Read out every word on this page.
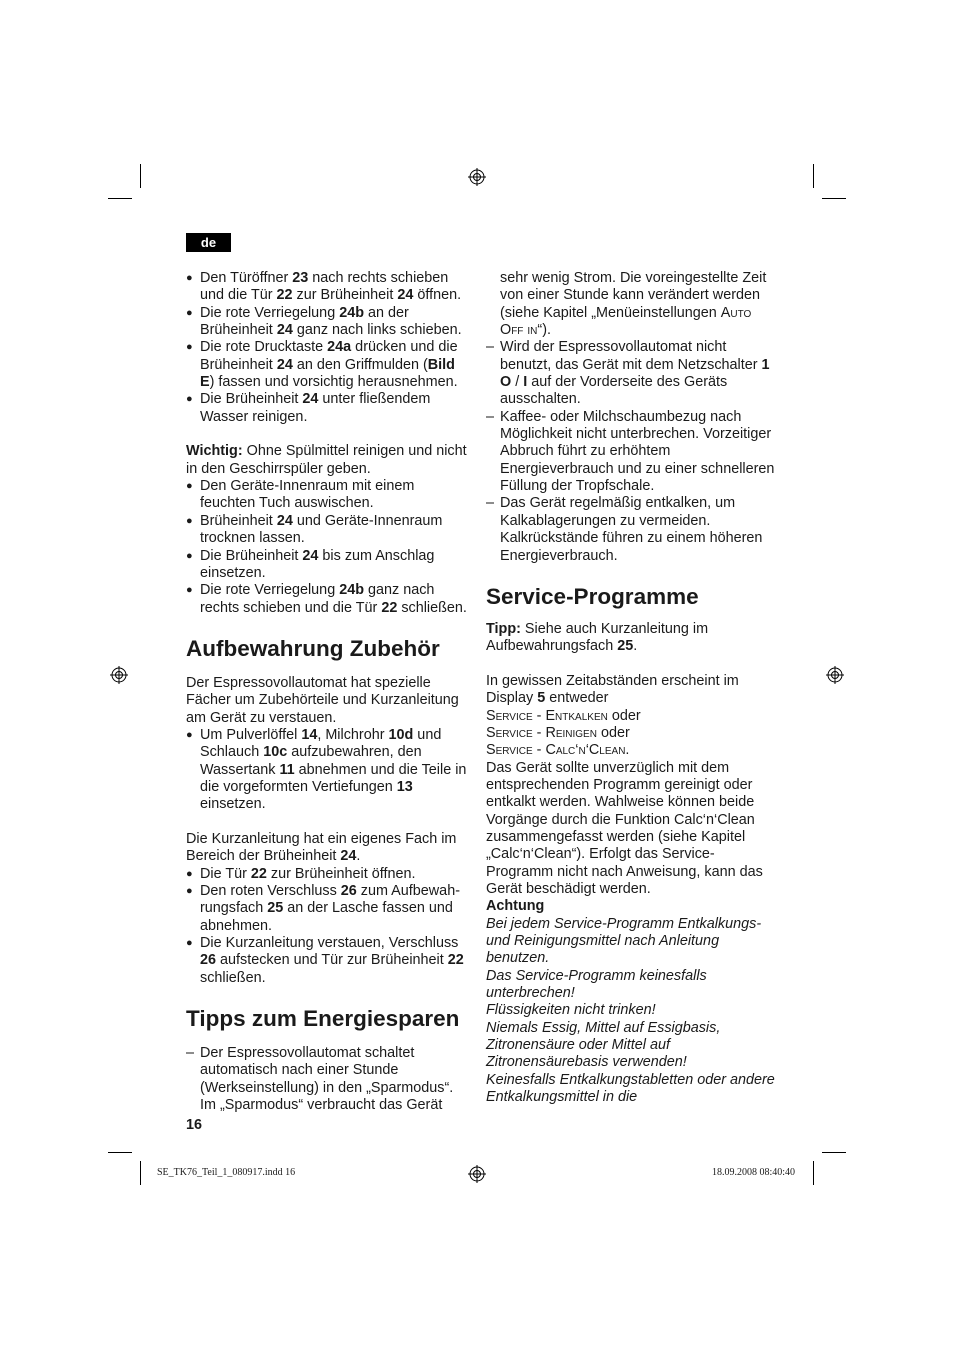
de
● Den Türöffner 23 nach rechts schieben und die Tür 22 zur Brüheinheit 24 öffnen.
● Die rote Verriegelung 24b an der Brüheinheit 24 ganz nach links schieben.
● Die rote Drucktaste 24a drücken und die Brüheinheit 24 an den Griffmulden (Bild E) fassen und vorsichtig herausnehmen.
● Die Brüheinheit 24 unter fließendem Wasser reinigen.

Wichtig: Ohne Spülmittel reinigen und nicht in den Geschirrspüler geben.

● Den Geräte-Innenraum mit einem feuchten Tuch auswischen.
● Brüheinheit 24 und Geräte-Innenraum trocknen lassen.
● Die Brüheinheit 24 bis zum Anschlag einsetzen.
● Die rote Verriegelung 24b ganz nach rechts schieben und die Tür 22 schließen.
Aufbewahrung Zubehör

Der Espressovollautomat hat spezielle Fächer um Zubehörteile und Kurzanleitung am Gerät zu verstauen.

● Um Pulverlöffel 14, Milchrohr 10d und Schlauch 10c aufzubewahren, den Wassertank 11 abnehmen und die Teile in die vorgeformten Vertiefungen 13 einsetzen.

Die Kurzanleitung hat ein eigenes Fach im Bereich der Brüheinheit 24.

● Die Tür 22 zur Brüheinheit öffnen.
● Den roten Verschluss 26 zum Aufbewah-rungsfach 25 an der Lasche fassen und abnehmen.
● Die Kurzanleitung verstauen, Verschluss 26 aufstecken und Tür zur Brüheinheit 22 schließen.
Tipps zum Energiesparen
– Der Espressovollautomat schaltet automatisch nach einer Stunde (Werkseinstellung) in den „Sparmodus“. Im „Sparmodus“ verbraucht das Gerät

sehr wenig Strom. Die voreingestellte Zeit von einer Stunde kann verändert werden (siehe Kapitel „Menüeinstellungen Auto Off in“).

– Wird der Espressovollautomat nicht benutzt, das Gerät mit dem Netzschalter 1 O / I auf der Vorderseite des Geräts ausschalten.
– Kaffee- oder Milchschaumbezug nach Möglichkeit nicht unterbrechen. Vorzeitiger Abbruch führt zu erhöhtem Energieverbrauch und zu einer schnelleren Füllung der Tropfschale.
– Das Gerät regelmäßig entkalken, um Kalkablagerungen zu vermeiden. Kalkrückstände führen zu einem höheren Energieverbrauch.
Service-Programme

Tipp: Siehe auch Kurzanleitung im Aufbewahrungsfach 25.

In gewissen Zeitabständen erscheint im Display 5 entweder
Service - Entkalken oder
Service - Reinigen oder
Service - Calc‘n‘Clean.
Das Gerät sollte unverzüglich mit dem entsprechenden Programm gereinigt oder entkalkt werden. Wahlweise können beide Vorgänge durch die Funktion Calc‘n‘Clean zusammengefasst werden (siehe Kapitel „Calc‘n‘Clean“). Erfolgt das Service-Programm nicht nach Anweisung, kann das Gerät beschädigt werden.

Achtung

Bei jedem Service-Programm Entkalkungs- und Reinigungsmittel nach Anleitung benutzen.
Das Service-Programm keinesfalls unterbrechen!
Flüssigkeiten nicht trinken!
Niemals Essig, Mittel auf Essigbasis, Zitronensäure oder Mittel auf Zitronensäurebasis verwenden!
Keinesfalls Entkalkungstabletten oder andere Entkalkungsmittel in die
16
SE_TK76_Teil_1_080917.indd 16	18.09.2008 08:40:40
